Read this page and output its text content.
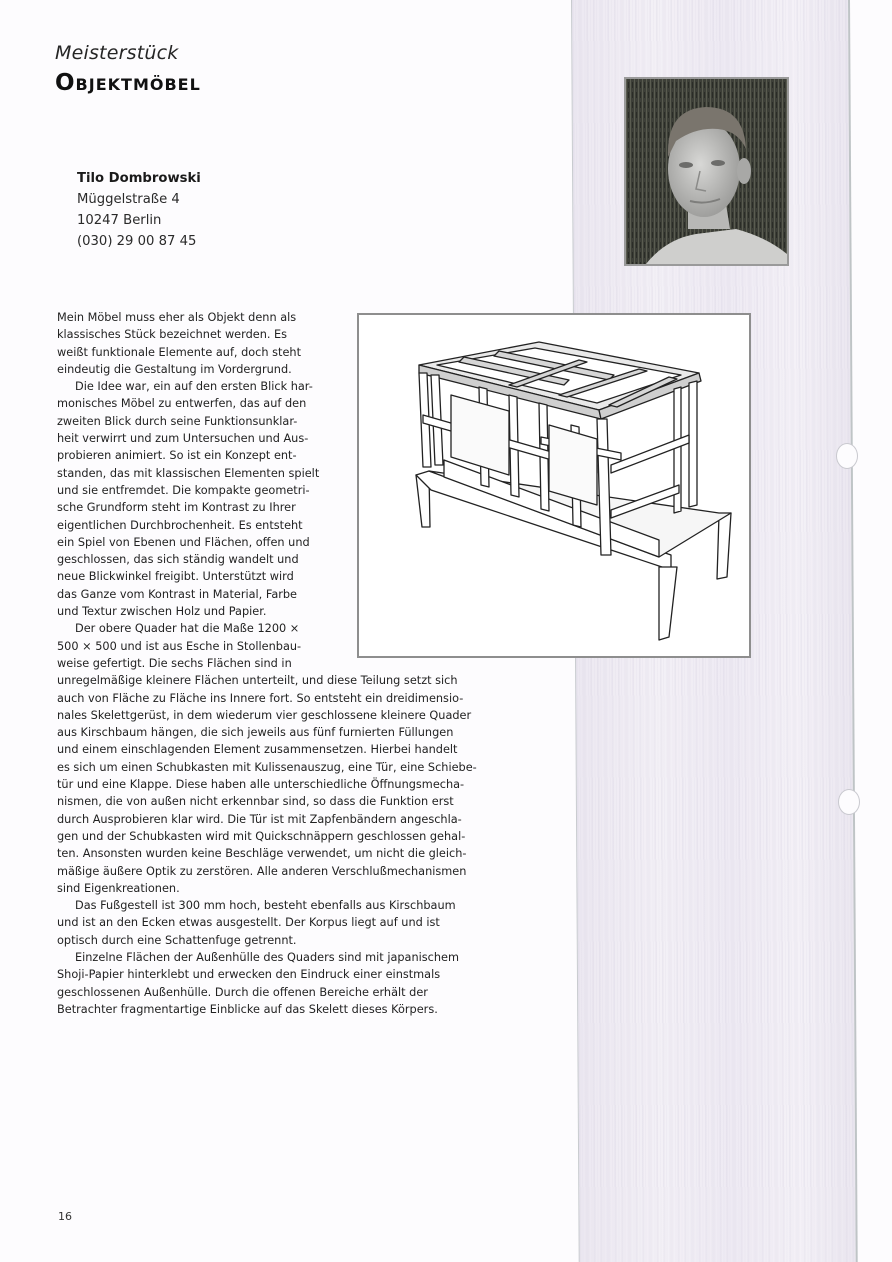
Meisterstück
Objektmöbel
Tilo Dombrowski
Müggelstraße 4
10247 Berlin
(030) 29 00 87 45
Mein Möbel muss eher als Objekt denn als
klassisches Stück bezeichnet werden. Es
weißt funktionale Elemente auf, doch steht
eindeutig die Gestaltung im Vordergrund.
Die Idee war, ein auf den ersten Blick har-
monisches Möbel zu entwerfen, das auf den
zweiten Blick durch seine Funktionsunklar-
heit verwirrt und zum Untersuchen und Aus-
probieren animiert. So ist ein Konzept ent-
standen, das mit klassischen Elementen spielt
und sie entfremdet. Die kompakte geometri-
sche Grundform steht im Kontrast zu Ihrer
eigentlichen Durchbrochenheit. Es entsteht
ein Spiel von Ebenen und Flächen, offen und
geschlossen, das sich ständig wandelt und
neue Blickwinkel freigibt. Unterstützt wird
das Ganze vom Kontrast in Material, Farbe
und Textur zwischen Holz und Papier.
Der obere Quader hat die Maße 1200 ×
500 × 500 und ist aus Esche in Stollenbau-
weise gefertigt. Die sechs Flächen sind in
unregelmäßige kleinere Flächen unterteilt, und diese Teilung setzt sich
auch von Fläche zu Fläche ins Innere fort. So entsteht ein dreidimensio-
nales Skelettgerüst, in dem wiederum vier geschlossene kleinere Quader
aus Kirschbaum hängen, die sich jeweils aus fünf furnierten Füllungen
und einem einschlagenden Element zusammensetzen. Hierbei handelt
es sich um einen Schubkasten mit Kulissenauszug, eine Tür, eine Schiebe-
tür und eine Klappe. Diese haben alle unterschiedliche Öffnungsmecha-
nismen, die von außen nicht erkennbar sind, so dass die Funktion erst
durch Ausprobieren klar wird. Die Tür ist mit Zapfenbändern angeschla-
gen und der Schubkasten wird mit Quickschnäppern geschlossen gehal-
ten. Ansonsten wurden keine Beschläge verwendet, um nicht die gleich-
mäßige äußere Optik zu zerstören. Alle anderen Verschlußmechanismen
sind Eigenkreationen.
Das Fußgestell ist 300 mm hoch, besteht ebenfalls aus Kirschbaum
und ist an den Ecken etwas ausgestellt. Der Korpus liegt auf und ist
optisch durch eine Schattenfuge getrennt.
Einzelne Flächen der Außenhülle des Quaders sind mit japanischem
Shoji-Papier hinterklebt und erwecken den Eindruck einer einstmals
geschlossenen Außenhülle. Durch die offenen Bereiche erhält der
Betrachter fragmentartige Einblicke auf das Skelett dieses Körpers.
16
